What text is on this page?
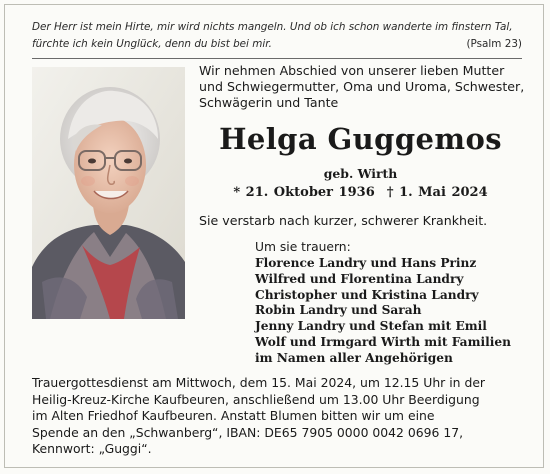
Der Herr ist mein Hirte, mir wird nichts mangeln. Und ob ich schon wanderte im finstern Tal,
fürchte ich kein Unglück, denn du bist bei mir.	(Psalm 23)
Wir nehmen Abschied von unserer lieben Mutter
und Schwiegermutter, Oma und Uroma, Schwester,
Schwägerin und Tante
Helga Guggemos
geb. Wirth
* 21. Oktober 1936 † 1. Mai 2024
Sie verstarb nach kurzer, schwerer Krankheit.
Um sie trauern:
Florence Landry und Hans Prinz
Wilfred und Florentina Landry
Christopher und Kristina Landry
Robin Landry und Sarah
Jenny Landry und Stefan mit Emil
Wolf und Irmgard Wirth mit Familien
im Namen aller Angehörigen
Trauergottesdienst am Mittwoch, dem 15. Mai 2024, um 12.15 Uhr in der
Heilig-Kreuz-Kirche Kaufbeuren, anschließend um 13.00 Uhr Beerdigung
im Alten Friedhof Kaufbeuren. Anstatt Blumen bitten wir um eine
Spende an den „Schwanberg“, IBAN: DE65 7905 0000 0042 0696 17,
Kennwort: „Guggi“.
